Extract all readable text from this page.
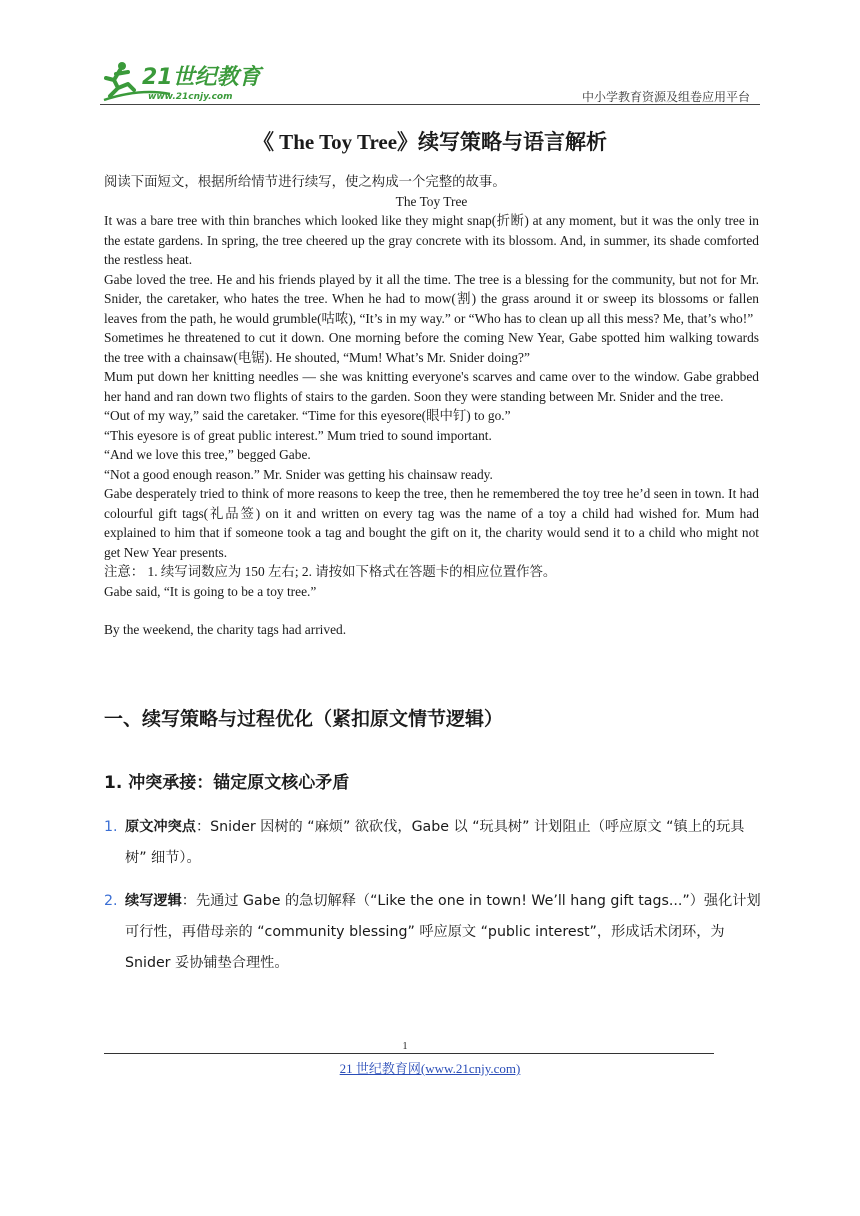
21世纪教育
www.21cnjy.com	中小学教育资源及组卷应用平台
《 The Toy Tree》续写策略与语言解析

阅读下面短文，根据所给情节进行续写，使之构成一个完整的故事。

The Toy Tree

It was a bare tree with thin branches which looked like they might snap(折断) at any moment, but it was the only tree in the estate gardens. In spring, the tree cheered up the gray concrete with its blossom. And, in summer, its shade comforted the restless heat.

Gabe loved the tree. He and his friends played by it all the time. The tree is a blessing for the community, but not for Mr. Snider, the caretaker, who hates the tree. When he had to mow(割) the grass around it or sweep its blossoms or fallen leaves from the path, he would grumble(咕哝), “It’s in my way.” or “Who has to clean up all this mess? Me, that’s who!”

Sometimes he threatened to cut it down. One morning before the coming New Year, Gabe spotted him walking towards the tree with a chainsaw(电锯). He shouted, “Mum! What’s Mr. Snider doing?”

Mum put down her knitting needles — she was knitting everyone's scarves and came over to the window. Gabe grabbed her hand and ran down two flights of stairs to the garden. Soon they were standing between Mr. Snider and the tree.

“Out of my way,” said the caretaker. “Time for this eyesore(眼中钉) to go.”

“This eyesore is of great public interest.” Mum tried to sound important.

“And we love this tree,” begged Gabe.

“Not a good enough reason.” Mr. Snider was getting his chainsaw ready.

Gabe desperately tried to think of more reasons to keep the tree, then he remembered the toy tree he’d seen in town. It had colourful gift tags(礼品签) on it and written on every tag was the name of a toy a child had wished for. Mum had explained to him that if someone took a tag and bought the gift on it, the charity would send it to a child who might not get New Year presents.

注意： 1. 续写词数应为 150 左右; 2. 请按如下格式在答题卡的相应位置作答。

Gabe said, “It is going to be a toy tree.”

By the weekend, the charity tags had arrived.

一、续写策略与过程优化（紧扣原文情节逻辑）
1. 冲突承接：锚定原文核心矛盾
1. 原文冲突点：Snider 因树的 “麻烦” 欲砍伐，Gabe 以 “玩具树” 计划阻止（呼应原文 “镇上的玩具树” 细节）。
2. 续写逻辑：先通过 Gabe 的急切解释（“Like the one in town! We’ll hang gift tags...”）强化计划可行性，再借母亲的 “community blessing” 呼应原文 “public interest”，形成话术闭环，为 Snider 妥协铺垫合理性。
1
21 世纪教育网(www.21cnjy.com)
